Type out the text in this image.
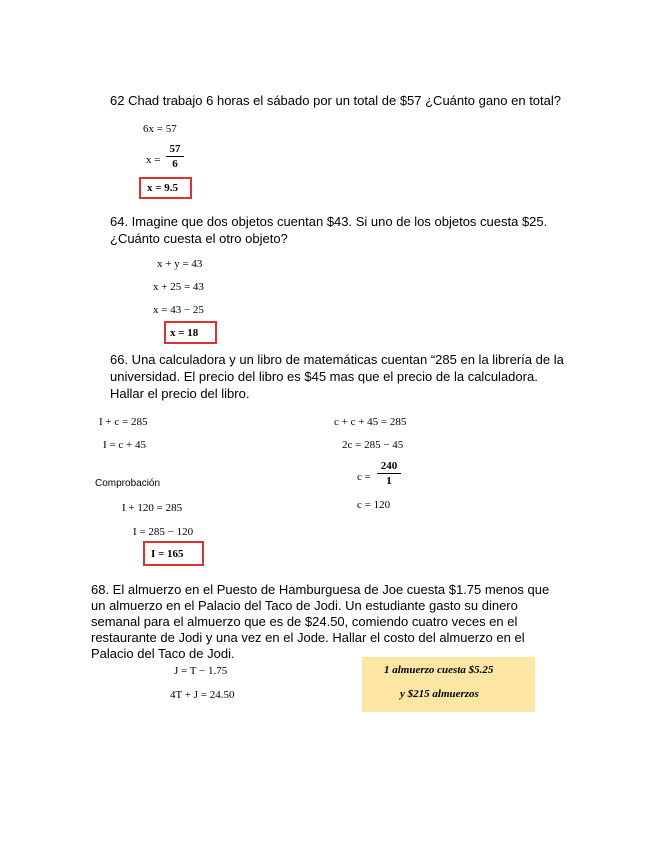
62 Chad trabajo 6 horas el sábado por un total de $57 ¿Cuánto gano en total?
6x = 57
x =
57
6
x = 9.5
64. Imagine que dos objetos cuentan $43. Si uno de los objetos cuesta $25.
¿Cuánto cuesta el otro objeto?
x + y = 43
x + 25 = 43
x = 43 − 25
x = 18
66. Una calculadora y un libro de matemáticas cuentan “285 en la librería de la
universidad. El precio del libro es $45 mas que el precio de la calculadora.
Hallar el precio del libro.
I + c = 285
I = c + 45
Comprobación
I + 120 = 285
I = 285 − 120
I = 165
c + c + 45 = 285
2c = 285 − 45
c =
240
1
c = 120
68. El almuerzo en el Puesto de Hamburguesa de Joe cuesta $1.75 menos que
un almuerzo en el Palacio del Taco de Jodi. Un estudiante gasto su dinero
semanal para el almuerzo que es de $24.50, comiendo cuatro veces en el
restaurante de Jodi y una vez en el Jode. Hallar el costo del almuerzo en el
Palacio del Taco de Jodi.
J = T − 1.75
4T + J = 24.50
1 almuerzo cuesta $5.25
y $215 almuerzos
